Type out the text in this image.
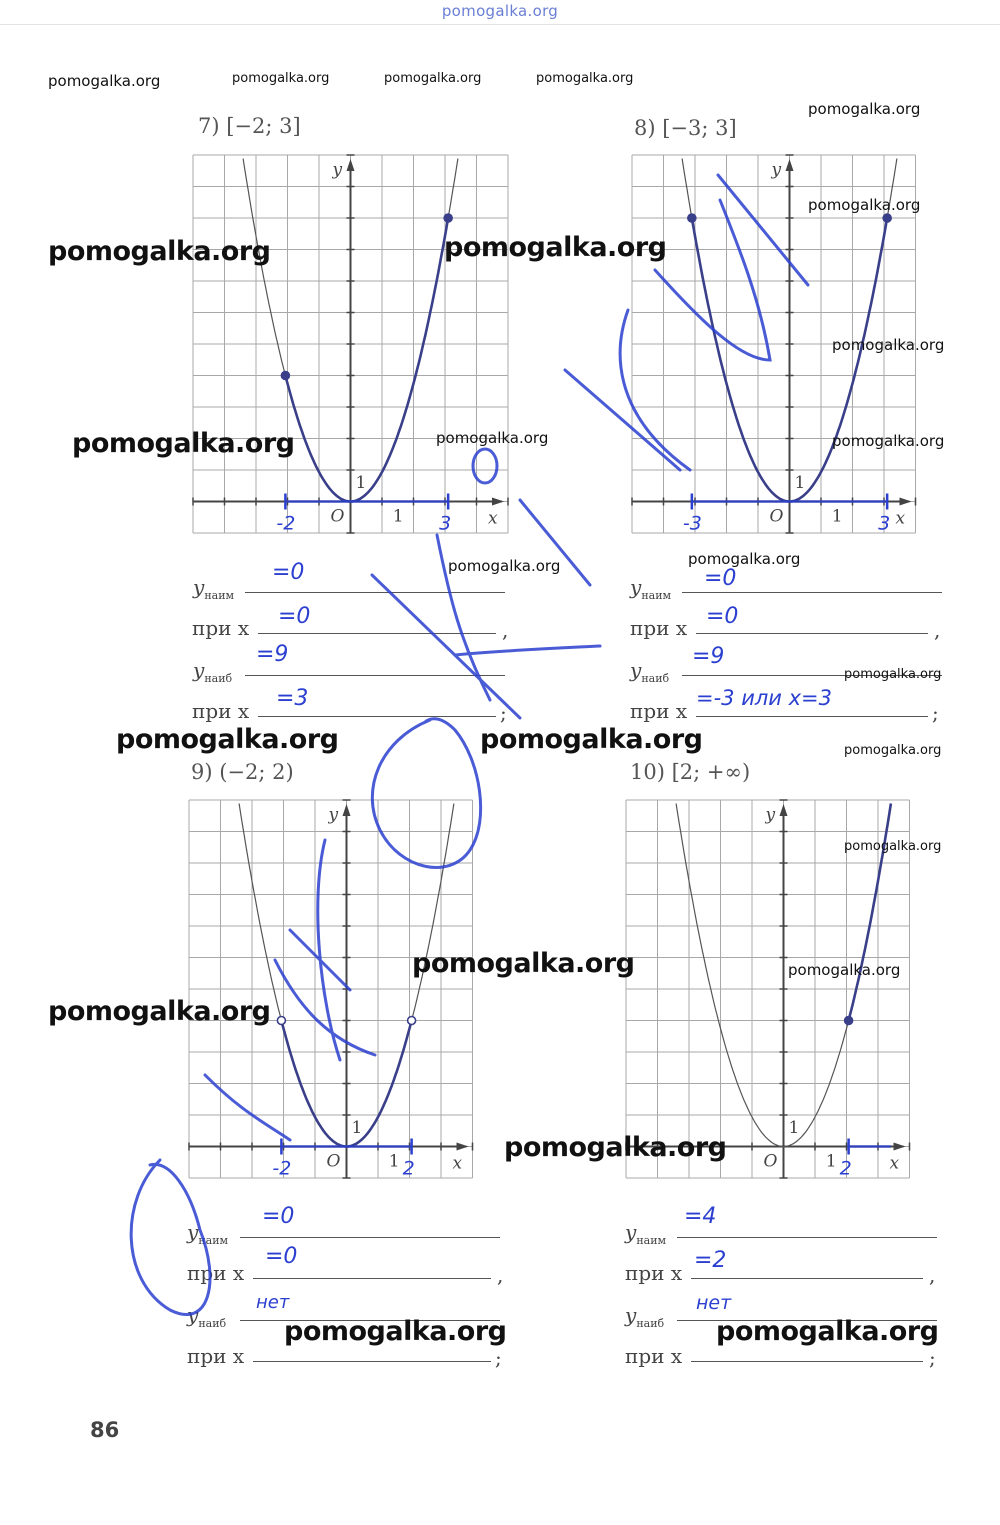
pomogalka.org
y
x
O
1
1
-2	3
y
x
O
1
1
-3	3
y
x
O
1
1
-2	2
y
x
O
1
1 2
7) [−2; 3]	8) [−3; 3]
9) (−2; 2)	10) [2; +∞)
$y_{наим}$
=0
при x	,
=0
$y_{наиб}$
=9
при x	;
=3
$y_{наим}$
=0
при x	,
=0
$y_{наиб}$
=9
при x	;
=-3 или x=3
$y_{наим}$
=0
при x	,
=0
$y_{наиб}$
нет
при x	;
$y_{наим}$
=4
при x	,
=2
$y_{наиб}$
нет
при x	;
pomogalka.org	pomogalka.org	pomogalka.org	pomogalka.org
pomogalka.org
pomogalka.org
pomogalka.org	pomogalka.org
pomogalka.org
pomogalka.org	pomogalka.org	pomogalka.org
pomogalka.org	pomogalka.org
pomogalka.org
pomogalka.org	pomogalka.org	pomogalka.org
pomogalka.org
pomogalka.org	pomogalka.org
pomogalka.org
pomogalka.org
pomogalka.org	pomogalka.org
86
